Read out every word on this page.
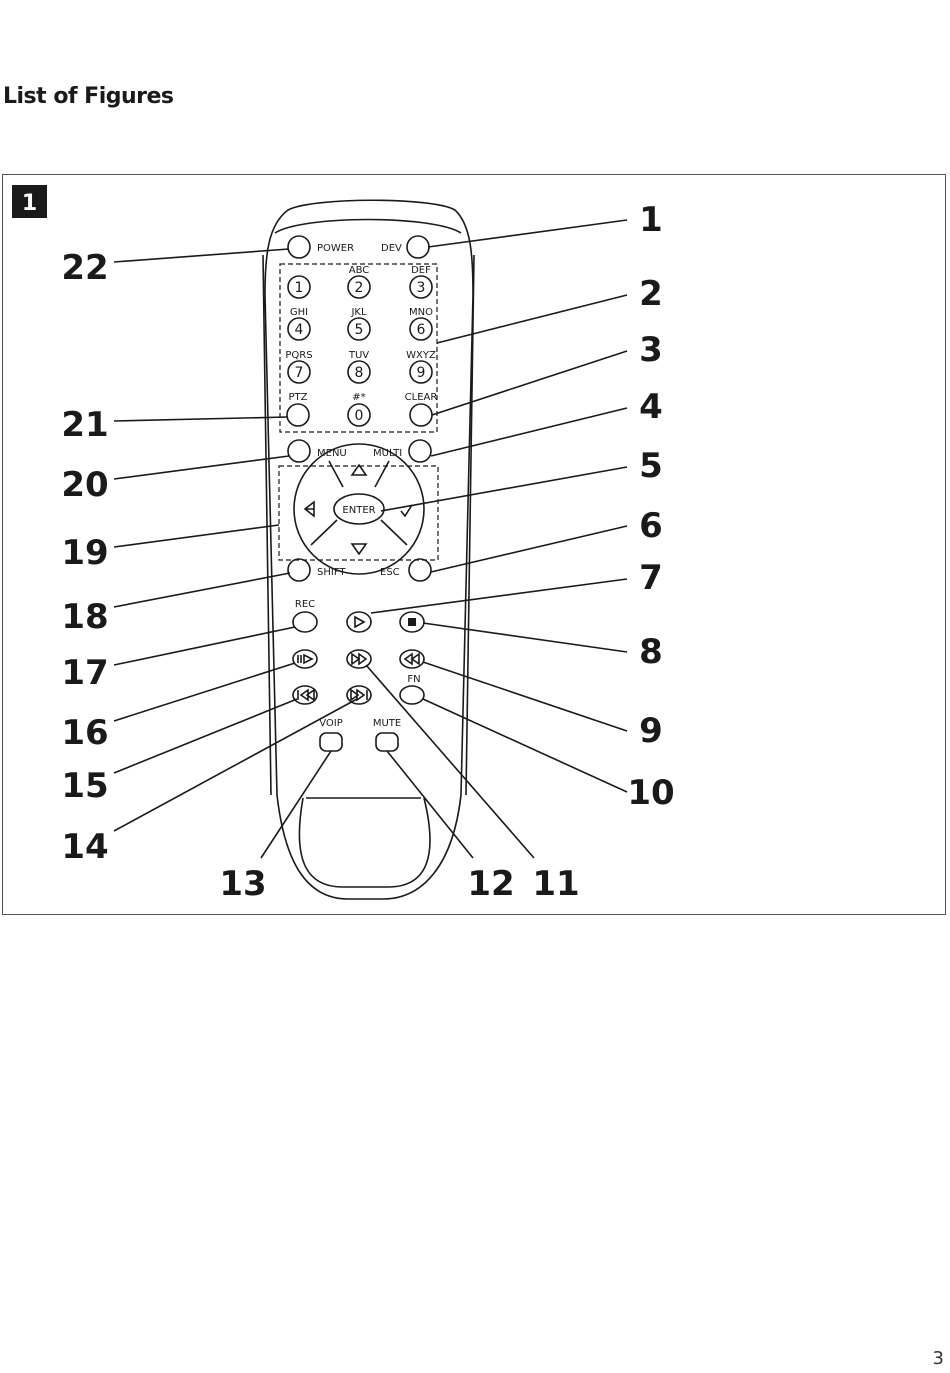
List of Figures
1
POWER	DEV
1	2
ABC
3
DEF
4
GHI
5
JKL
6
MNO
7
PQRS
8
TUV
9
WXYZ
PTZ	#*
0
CLEAR
MENU	MULTI
ENTER
SHIFT	ESC
REC
FN
VOIP	MUTE
1
2
3
4
5
6
7
8
9
10
11
12
13
14
15
16
17
18
19
20
21
22
3
